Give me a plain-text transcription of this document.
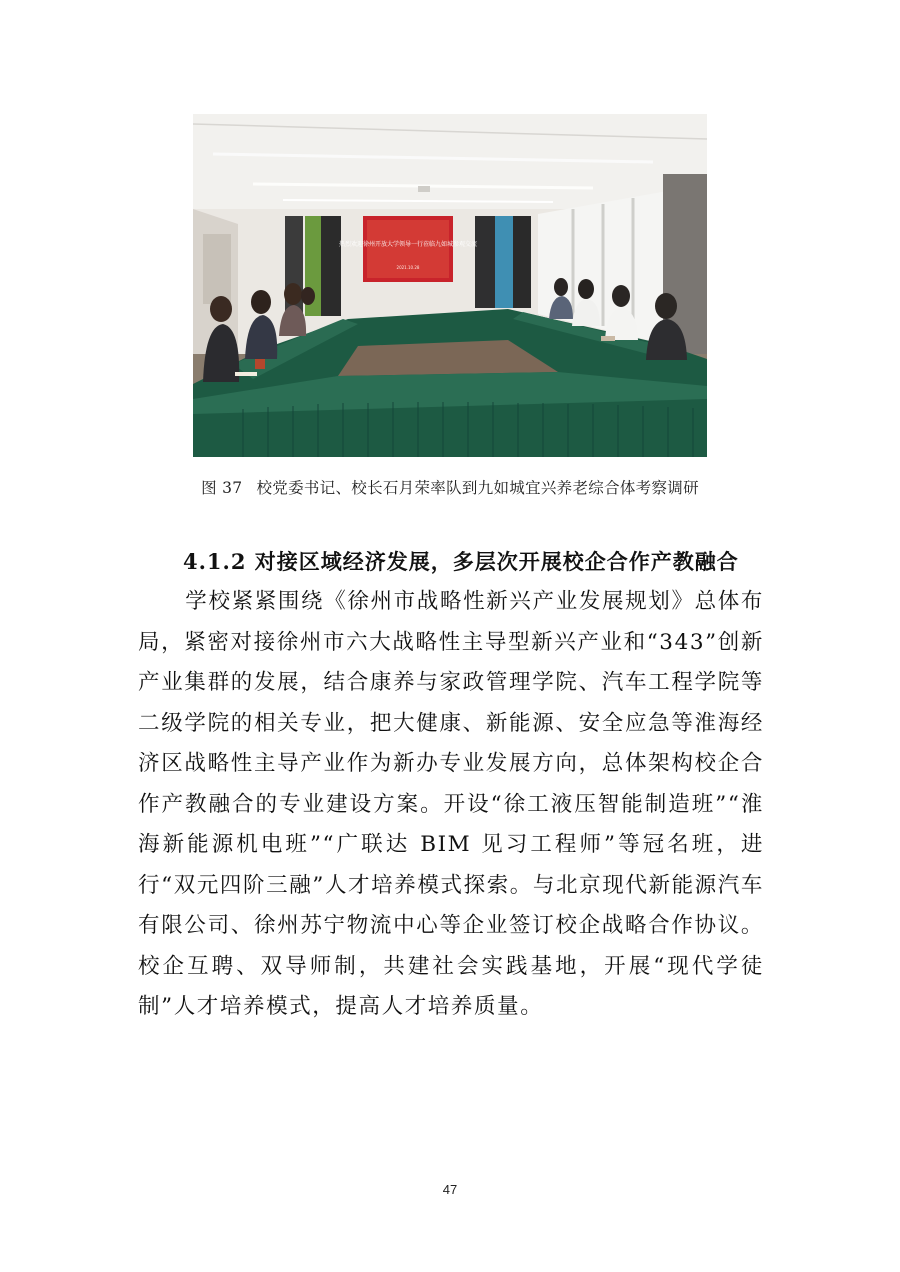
热烈欢迎徐州开放大学领导一行莅临九如城参观交流
2021.10.28
图 37 校党委书记、校长石月荣率队到九如城宜兴养老综合体考察调研
4.1.2 对接区域经济发展，多层次开展校企合作产教融合

学校紧紧围绕《徐州市战略性新兴产业发展规划》总体布局，紧密对接徐州市六大战略性主导型新兴产业和“343”创新产业集群的发展，结合康养与家政管理学院、汽车工程学院等二级学院的相关专业，把大健康、新能源、安全应急等淮海经济区战略性主导产业作为新办专业发展方向，总体架构校企合作产教融合的专业建设方案。开设“徐工液压智能制造班”“淮海新能源机电班”“广联达 BIM 见习工程师”等冠名班，进行“双元四阶三融”人才培养模式探索。与北京现代新能源汽车有限公司、徐州苏宁物流中心等企业签订校企战略合作协议。校企互聘、双导师制，共建社会实践基地，开展“现代学徒制”人才培养模式，提高人才培养质量。

47
